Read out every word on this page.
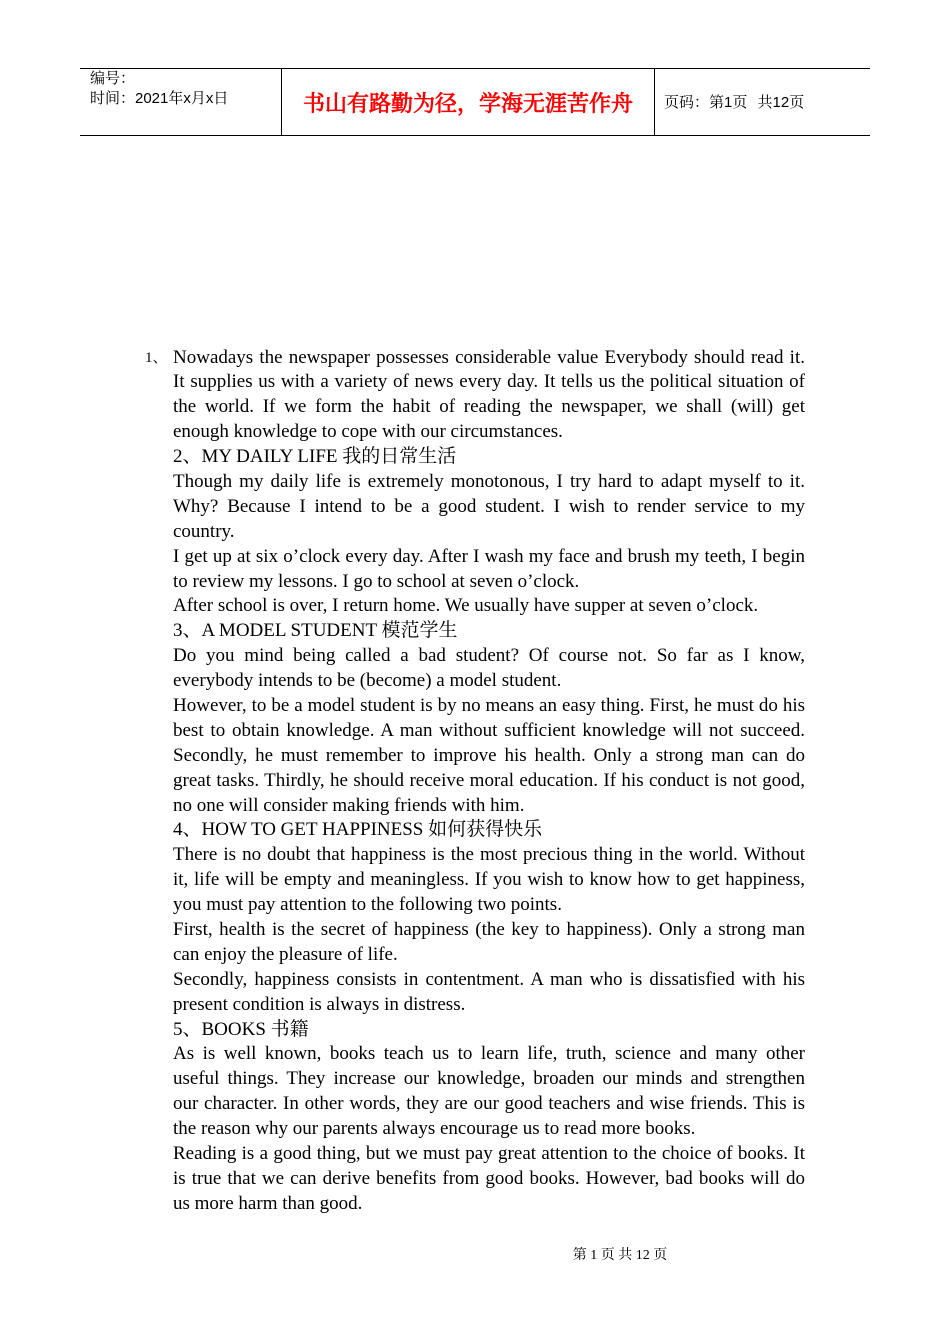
编号：
时间：2021年x月x日	书山有路勤为径，学海无涯苦作舟	页码：第1页 共12页
1、 Nowadays the newspaper possesses considerable value Everybody should read it.
It supplies us with a variety of news every day. It tells us the political situation of
the world. If we form the habit of reading the newspaper, we shall (will) get
enough knowledge to cope with our circumstances.
2、MY DAILY LIFE 我的日常生活
Though my daily life is extremely monotonous, I try hard to adapt myself to it.
Why? Because I intend to be a good student. I wish to render service to my
country.
I get up at six o’clock every day. After I wash my face and brush my teeth, I begin
to review my lessons. I go to school at seven o’clock.
After school is over, I return home. We usually have supper at seven o’clock.
3、A MODEL STUDENT 模范学生
Do you mind being called a bad student? Of course not. So far as I know,
everybody intends to be (become) a model student.
However, to be a model student is by no means an easy thing. First, he must do his
best to obtain knowledge. A man without sufficient knowledge will not succeed.
Secondly, he must remember to improve his health. Only a strong man can do
great tasks. Thirdly, he should receive moral education. If his conduct is not good,
no one will consider making friends with him.
4、HOW TO GET HAPPINESS 如何获得快乐
There is no doubt that happiness is the most precious thing in the world. Without
it, life will be empty and meaningless. If you wish to know how to get happiness,
you must pay attention to the following two points.
First, health is the secret of happiness (the key to happiness). Only a strong man
can enjoy the pleasure of life.
Secondly, happiness consists in contentment. A man who is dissatisfied with his
present condition is always in distress.
5、BOOKS 书籍
As is well known, books teach us to learn life, truth, science and many other
useful things. They increase our knowledge, broaden our minds and strengthen
our character. In other words, they are our good teachers and wise friends. This is
the reason why our parents always encourage us to read more books.
Reading is a good thing, but we must pay great attention to the choice of books. It
is true that we can derive benefits from good books. However, bad books will do
us more harm than good.
第 1 页 共 12 页
